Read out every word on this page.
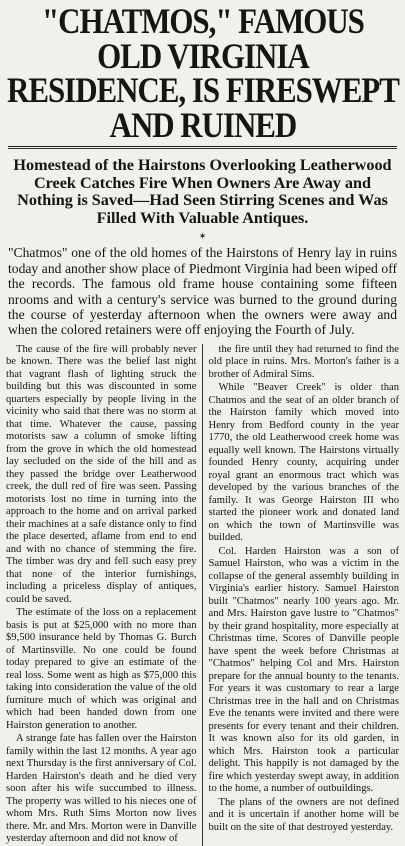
"CHATMOS," FAMOUS OLD VIRGINIA RESIDENCE, IS FIRESWEPT AND RUINED
Homestead of the Hairstons Overlooking Leatherwood Creek Catches Fire When Owners Are Away and Nothing is Saved—Had Seen Stirring Scenes and Was Filled With Valuable Antiques.
✶
"Chatmos" one of the old homes of the Hairstons of Henry lay in ruins today and another show place of Piedmont Virginia had been wiped off the records. The famous old frame house containing some fifteen nrooms and with a century's service was burned to the ground during the course of yesterday afternoon when the owners were away and when the colored retainers were off enjoying the Fourth of July.

The cause of the fire will probably never be known. There was the belief last night that vagrant flash of lighting struck the building but this was discounted in some quarters especially by people living in the vicinity who said that there was no storm at that time. Whatever the cause, passing motorists saw a column of smoke lifting from the grove in which the old homestead lay secluded on the side of the hill and as they passed the bridge over Leatherwood creek, the dull red of fire was seen. Passing motorists lost no time in turning into the approach to the home and on arrival parked their machines at a safe distance only to find the place deserted, aflame from end to end and with no chance of stemming the fire. The timber was dry and fell such easy prey that none of the interior furnishings, including a priceless display of antiques, could be saved.

The estimate of the loss on a replacement basis is put at $25,000 with no more than $9,500 insurance held by Thomas G. Burch of Martinsville. No one could be found today prepared to give an estimate of the real loss. Some went as high as $75,000 this taking into consideration the value of the old furniture much of which was original and which had been handed down from one Hairston generation to another.

A strange fate has fallen over the Hairston family within the last 12 months. A year ago next Thursday is the first anniversary of Col. Harden Hairston's death and he died very soon after his wife succumbed to illness. The property was willed to his nieces one of whom Mrs. Ruth Sims Morton now lives there. Mr. and Mrs. Morton were in Danville yesterday afternoon and did not know of

the fire until they had returned to find the old place in ruins. Mrs. Morton's father is a brother of Admiral Sims.

While "Beaver Creek" is older than Chatmos and the seat of an older branch of the Hairston family which moved into Henry from Bedford county in the year 1770, the old Leatherwood creek home was equally well known. The Hairstons virtually founded Henry county, acquiring under royal grant an enormous tract which was developed by the various branches of the family. It was George Hairston III who started the pioneer work and donated land on which the town of Martinsville was builded.

Col. Harden Hairston was a son of Samuel Hairston, who was a victim in the collapse of the general assembly building in Virginia's earlier history. Samuel Hairston built "Chatmos" nearly 100 years ago. Mr. and Mrs. Hairston gave lustre to "Chatmos" by their grand hospitality, more especially at Christmas time. Scores of Danville people have spent the week before Christmas at "Chatmos" helping Col and Mrs. Hairston prepare for the annual bounty to the tenants. For years it was customary to rear a large Christmas tree in the hall and on Christmas Eve the tenants were invited and there were presents for every tenant and their children. It was known also for its old garden, in which Mrs. Hairston took a particular delight. This happily is not damaged by the fire which yesterday swept away, in addition to the home, a number of outbuildings.

The plans of the owners are not defined and it is uncertain if another home will be built on the site of that destroyed yesterday.
